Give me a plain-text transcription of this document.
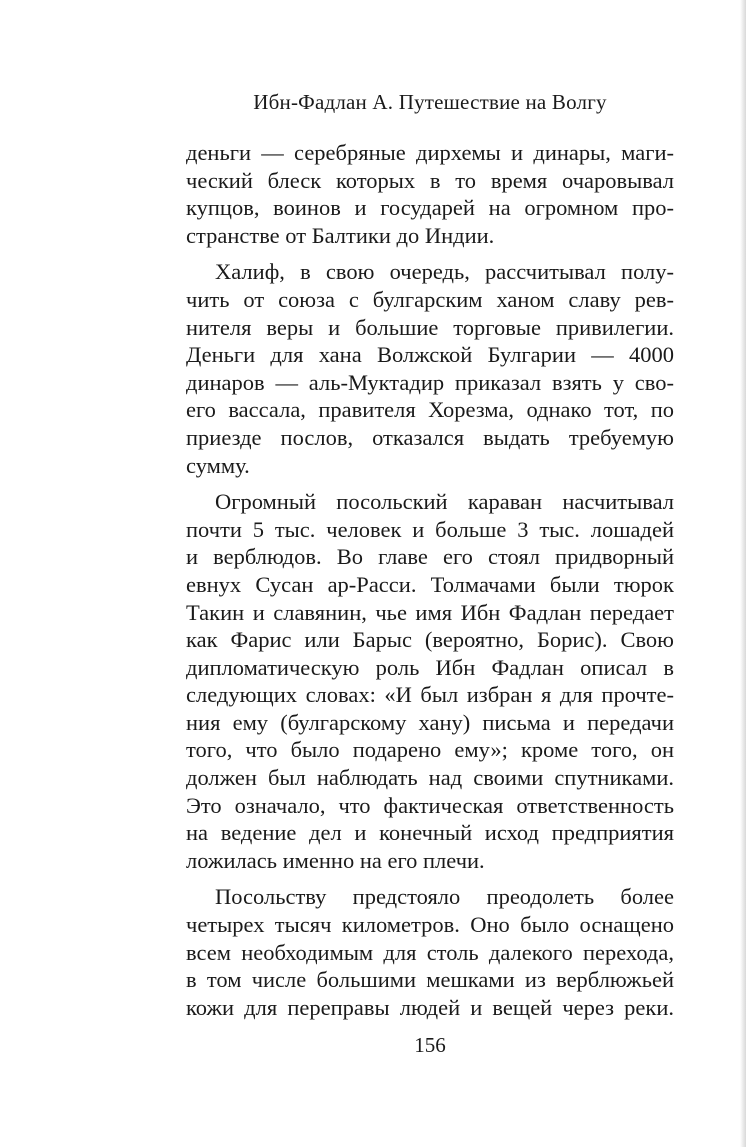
Ибн-Фадлан А. Путешествие на Волгу

деньги — серебряные дирхемы и динары, маги-
ческий блеск которых в то время очаровывал
купцов, воинов и государей на огромном про-
странстве от Балтики до Индии.

Халиф, в свою очередь, рассчитывал полу-
чить от союза с булгарским ханом славу рев-
нителя веры и большие торговые привилегии.
Деньги для хана Волжской Булгарии — 4000
динаров — аль-Муктадир приказал взять у сво-
его вассала, правителя Хорезма, однако тот, по
приезде послов, отказался выдать требуемую
сумму.

Огромный посольский караван насчитывал
почти 5 тыс. человек и больше 3 тыс. лошадей
и верблюдов. Во главе его стоял придворный
евнух Сусан ар-Расси. Толмачами были тюрок
Такин и славянин, чье имя Ибн Фадлан передает
как Фарис или Барыс (вероятно, Борис). Свою
дипломатическую роль Ибн Фадлан описал в
следующих словах: «И был избран я для прочте-
ния ему (булгарскому хану) письма и передачи
того, что было подарено ему»; кроме того, он
должен был наблюдать над своими спутниками.
Это означало, что фактическая ответственность
на ведение дел и конечный исход предприятия
ложилась именно на его плечи.

Посольству предстояло преодолеть более
четырех тысяч километров. Оно было оснащено
всем необходимым для столь далекого перехода,
в том числе большими мешками из верблюжьей
кожи для переправы людей и вещей через реки.

156
